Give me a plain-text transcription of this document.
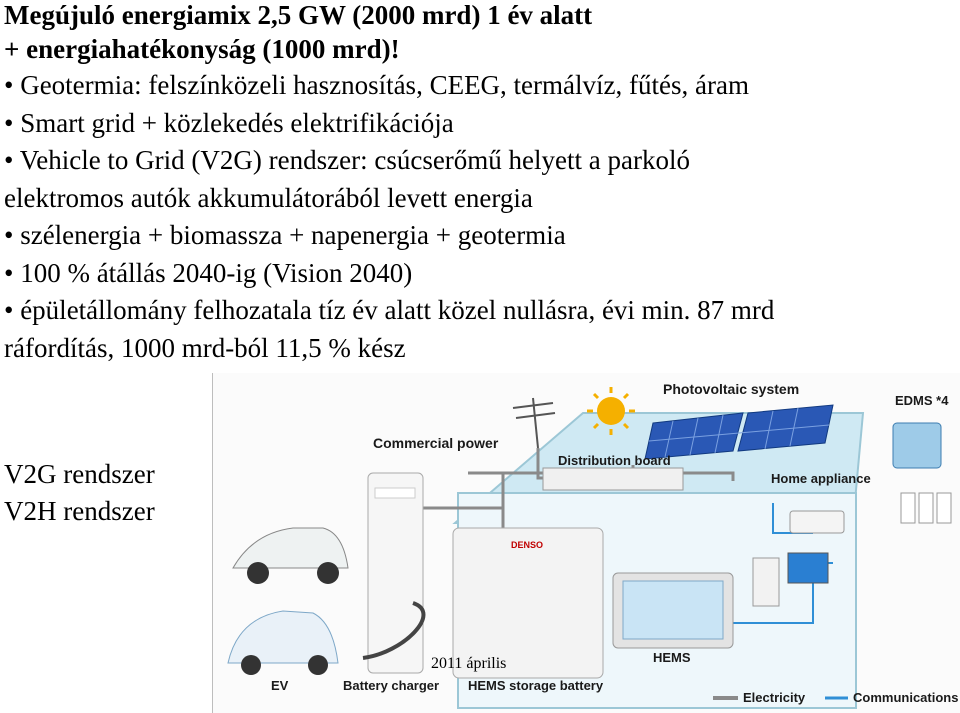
Megújuló energiamix 2,5 GW (2000 mrd) 1 év alatt
+ energiahatékonyság (1000 mrd)!
• Geotermia: felszínközeli hasznosítás, CEEG, termálvíz, fűtés, áram
• Smart grid + közlekedés elektrifikációja
• Vehicle to Grid (V2G) rendszer: csúcserőmű helyett a parkoló
elektromos autók akkumulátorából levett energia
• szélenergia + biomassza + napenergia + geotermia
• 100 % átállás 2040-ig (Vision 2040)
• épületállomány felhozatala tíz év alatt közel nullásra, évi min. 87 mrd
ráfordítás, 1000 mrd-ból 11,5 % kész
V2G rendszer
V2H rendszer
DENSO
Photovoltaic system
EDMS *4
Commercial power
Distribution board
Home appliance
EV	Battery charger HEMS storage battery
HEMS
Electricity	Communications
2011 április
